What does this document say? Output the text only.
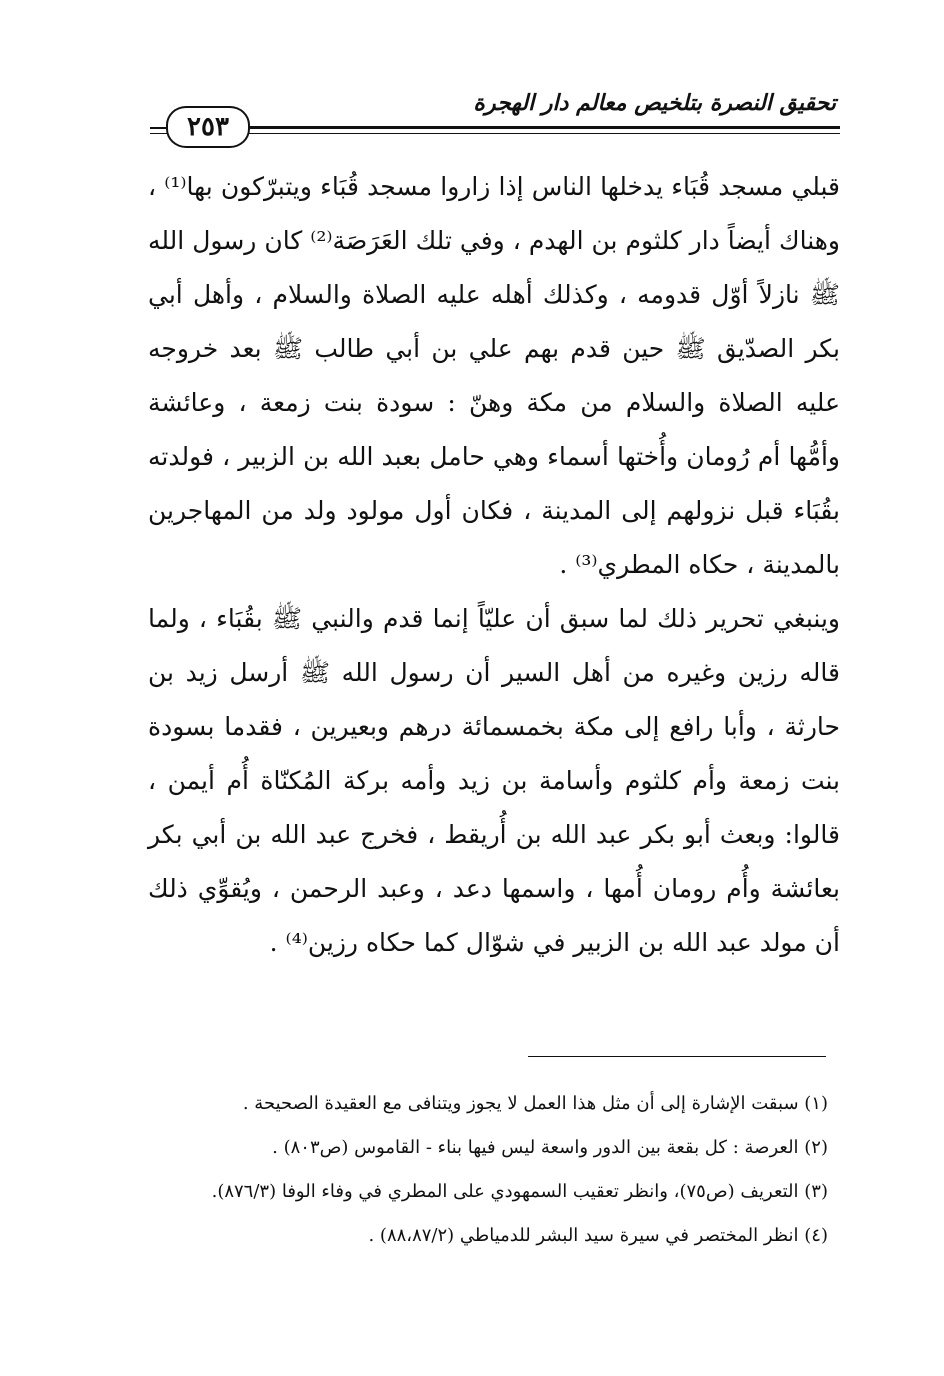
تحقيق النصرة بتلخيص معالم دار الهجرة
٢٥٣

قبلي مسجد قُبَاء يدخلها الناس إذا زاروا مسجد قُبَاء ويتبرّكون بها⁽¹⁾ ، وهناك أيضاً دار كلثوم بن الهدم ، وفي تلك العَرَصَة⁽²⁾ كان رسول الله ﷺ نازلاً أوّل قدومه ، وكذلك أهله عليه الصلاة والسلام ، وأهل أبي بكر الصدّيق ﷺ حين قدم بهم علي بن أبي طالب ﷺ بعد خروجه عليه الصلاة والسلام من مكة وهنّ : سودة بنت زمعة ، وعائشة وأمُّها أم رُومان وأُختها أسماء وهي حامل بعبد الله بن الزبير ، فولدته بقُبَاء قبل نزولهم إلى المدينة ، فكان أول مولود ولد من المهاجرين بالمدينة ، حكاه المطري⁽³⁾ .

وينبغي تحرير ذلك لما سبق أن عليّاً إنما قدم والنبي ﷺ بقُبَاء ، ولما قاله رزين وغيره من أهل السير أن رسول الله ﷺ أرسل زيد بن حارثة ، وأبا رافع إلى مكة بخمسمائة درهم وبعيرين ، فقدما بسودة بنت زمعة وأم كلثوم وأسامة بن زيد وأمه بركة المُكنّاة أُم أيمن ، قالوا: وبعث أبو بكر عبد الله بن أُريقط ، فخرج عبد الله بن أبي بكر بعائشة وأُم رومان أُمها ، واسمها دعد ، وعبد الرحمن ، ويُقوِّي ذلك أن مولد عبد الله بن الزبير في شوّال كما حكاه رزين⁽⁴⁾ .

(١) سبقت الإشارة إلى أن مثل هذا العمل لا يجوز ويتنافى مع العقيدة الصحيحة .
(٢) العرصة : كل بقعة بين الدور واسعة ليس فيها بناء - القاموس (ص٨٠٣) .
(٣) التعريف (ص٧٥)، وانظر تعقيب السمهودي على المطري في وفاء الوفا (٨٧٦/٣).
(٤) انظر المختصر في سيرة سيد البشر للدمياطي (٨٨،٨٧/٢) .
